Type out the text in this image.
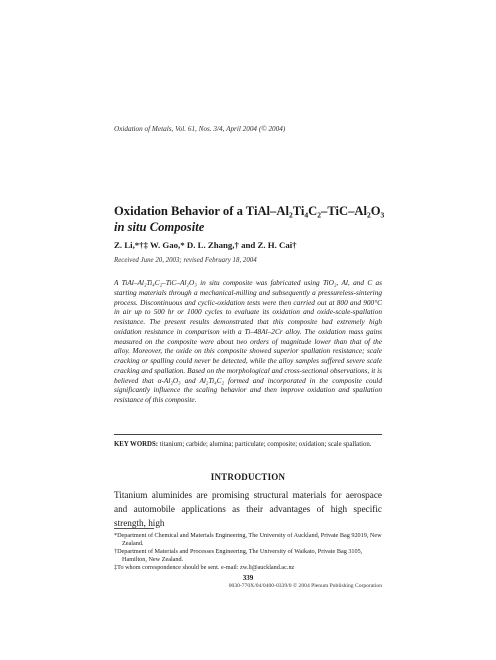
Oxidation of Metals, Vol. 61, Nos. 3/4, April 2004 (© 2004)
Oxidation Behavior of a TiAl–Al₂Ti₄C₂–TiC–Al₂O₃
in situ Composite
Z. Li,*†‡ W. Gao,* D. L. Zhang,† and Z. H. Cai†
Received June 20, 2003; revised February 18, 2004
A TiAl–Al₂Ti₄C₂–TiC–Al₂O₃ in situ composite was fabricated using TiO₂, Al, and C as starting materials through a mechanical-milling and subsequently a pressureless-sintering process. Discontinuous and cyclic-oxidation tests were then carried out at 800 and 900°C in air up to 500 hr or 1000 cycles to evaluate its oxidation and oxide-scale-spallation resistance. The present results demonstrated that this composite had extremely high oxidation resistance in comparison with a Ti–48Al–2Cr alloy. The oxidation mass gains measured on the composite were about two orders of magnitude lower than that of the alloy. Moreover, the oxide on this composite showed superior spallation resistance; scale cracking or spalling could never be detected, while the alloy samples suffered severe scale cracking and spallation. Based on the morphological and cross-sectional observations, it is believed that α-Al₂O₃ and Al₂Ti₄C₂ formed and incorporated in the composite could significantly influence the scaling behavior and then improve oxidation and spallation resistance of this composite.
KEY WORDS: titanium; carbide; alumina; particulate; composite; oxidation; scale spallation.
INTRODUCTION
Titanium aluminides are promising structural materials for aerospace and automobile applications as their advantages of high specific strength, high
*Department of Chemical and Materials Engineering, The University of Auckland, Private Bag 92019, New Zealand.
†Department of Materials and Processes Engineering, The University of Waikato, Private Bag 3105, Hamilton, New Zealand.
‡To whom correspondence should be sent. e-mail: zw.li@auckland.ac.nz
339
0030-770X/04/0400-0339/0 © 2004 Plenum Publishing Corporation
